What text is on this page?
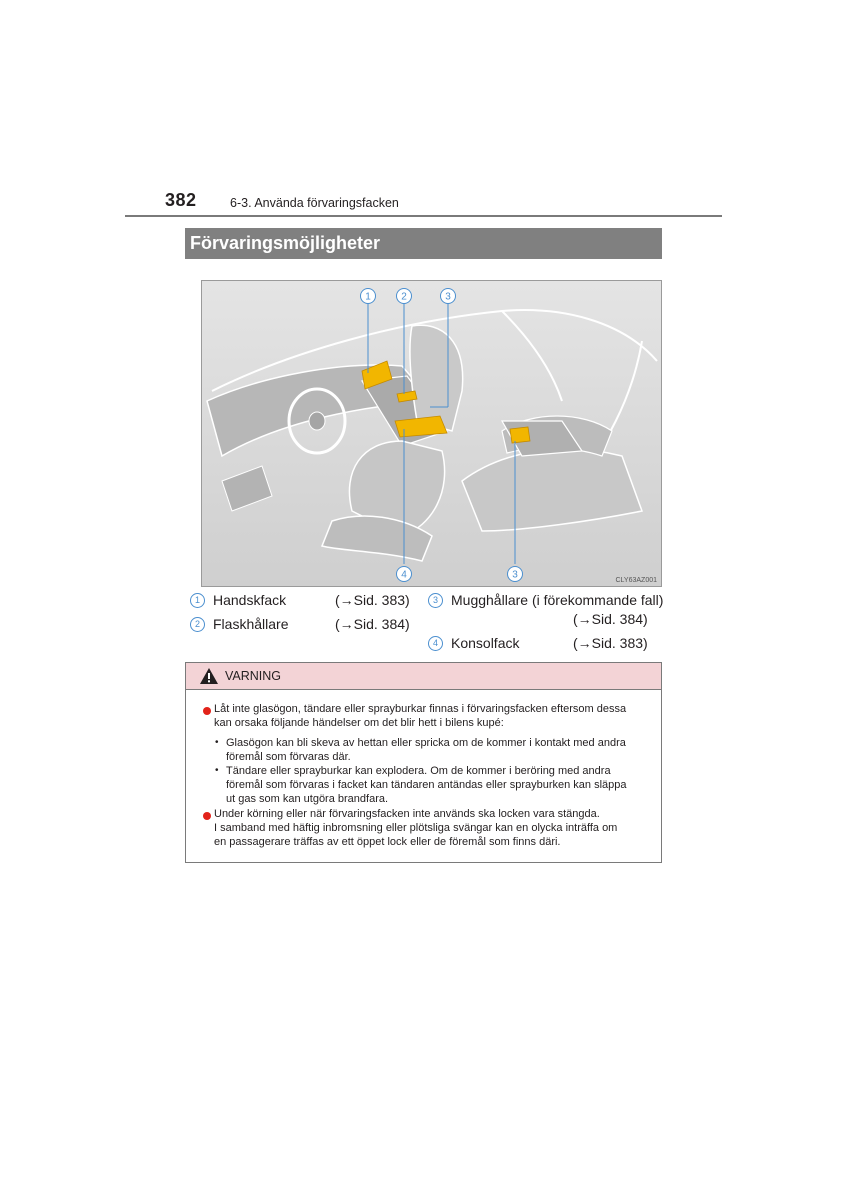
382	6-3. Använda förvaringsfacken
Förvaringsmöjligheter
1	2	3
4	3	CLY63AZ001
1 Handskfack	(→Sid. 383)
2 Flaskhållare	(→Sid. 384)
3 Mugghållare (i förekommande fall)
(→Sid. 384)
4 Konsolfack	(→Sid. 383)
VARNING
Låt inte glasögon, tändare eller sprayburkar finnas i förvaringsfacken eftersom dessa
kan orsaka följande händelser om det blir hett i bilens kupé:
• Glasögon kan bli skeva av hettan eller spricka om de kommer i kontakt med andra
föremål som förvaras där.
• Tändare eller sprayburkar kan explodera. Om de kommer i beröring med andra
föremål som förvaras i facket kan tändaren antändas eller sprayburken kan släppa
ut gas som kan utgöra brandfara.
Under körning eller när förvaringsfacken inte används ska locken vara stängda.
I samband med häftig inbromsning eller plötsliga svängar kan en olycka inträffa om
en passagerare träffas av ett öppet lock eller de föremål som finns däri.
